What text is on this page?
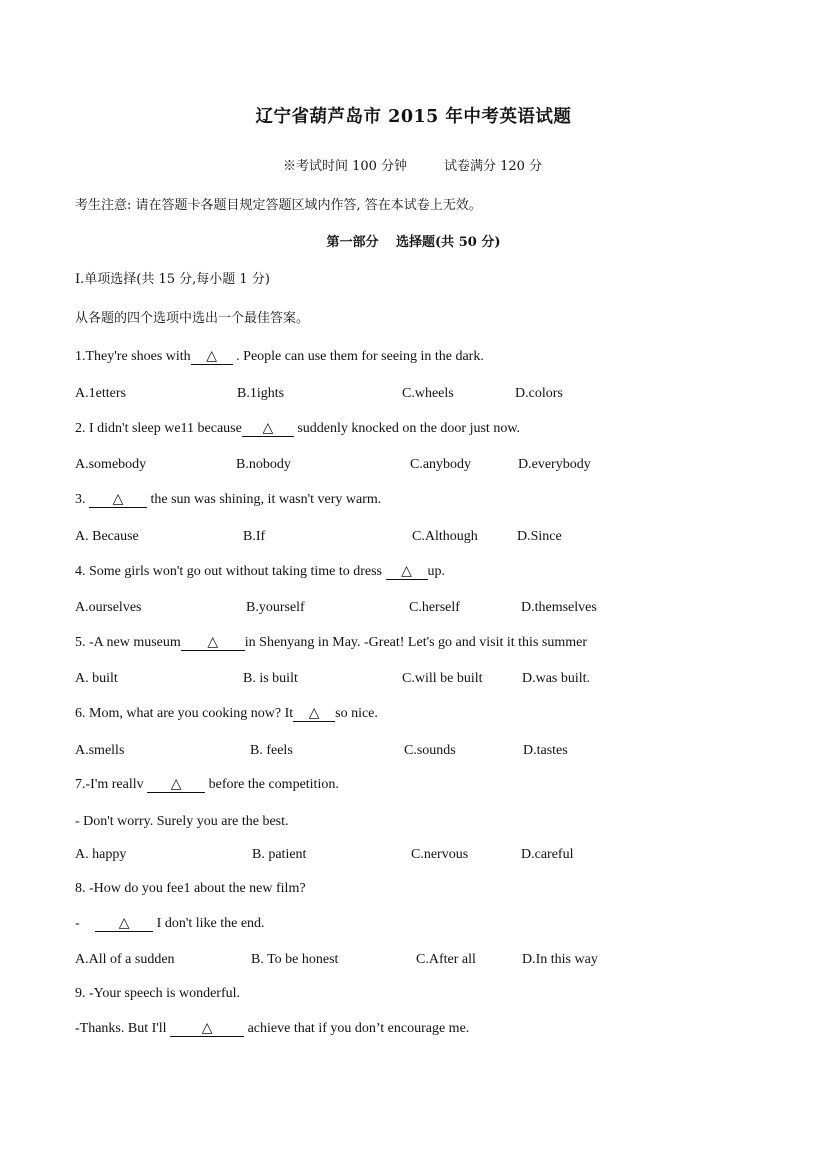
辽宁省葫芦岛市 2015 年中考英语试题
※考试时间 100 分钟	试卷满分 120 分
考生注意: 请在答题卡各题目规定答题区域内作答, 答在本试卷上无效。
第一部分　 选择题(共 50 分)
I.单项选择(共 15 分,每小题 1 分)
从各题的四个选项中选出一个最佳答案。
1.They're shoes with △ . People can use them for seeing in the dark.
A.1etters	B.1ights	C.wheels	D.colors
2. I didn't sleep we11 because △ suddenly knocked on the door just now.
A.somebody	B.nobody	C.anybody	D.everybody
3. △ the sun was shining, it wasn't very warm.
A. Because	B.If	C.Although	D.Since
4. Some girls won't go out without taking time to dress △ up.
A.ourselves	B.yourself	C.herself	D.themselves
5. -A new museum △ in Shenyang in May. -Great! Let's go and visit it this summer
A. built	B. is built	C.will be built	D.was built.
6. Mom, what are you cooking now? It △ so nice.
A.smells	B. feels	C.sounds	D.tastes
7.-I'm reallv △ before the competition.
- Don't worry. Surely you are the best.
A. happy	B. patient	C.nervous	D.careful
8. -How do you fee1 about the new film?
-	△ I don't like the end.
A.All of a sudden	B. To be honest	C.After all	D.In this way
9. -Your speech is wonderful.
-Thanks. But I'll △ achieve that if you don’t encourage me.
